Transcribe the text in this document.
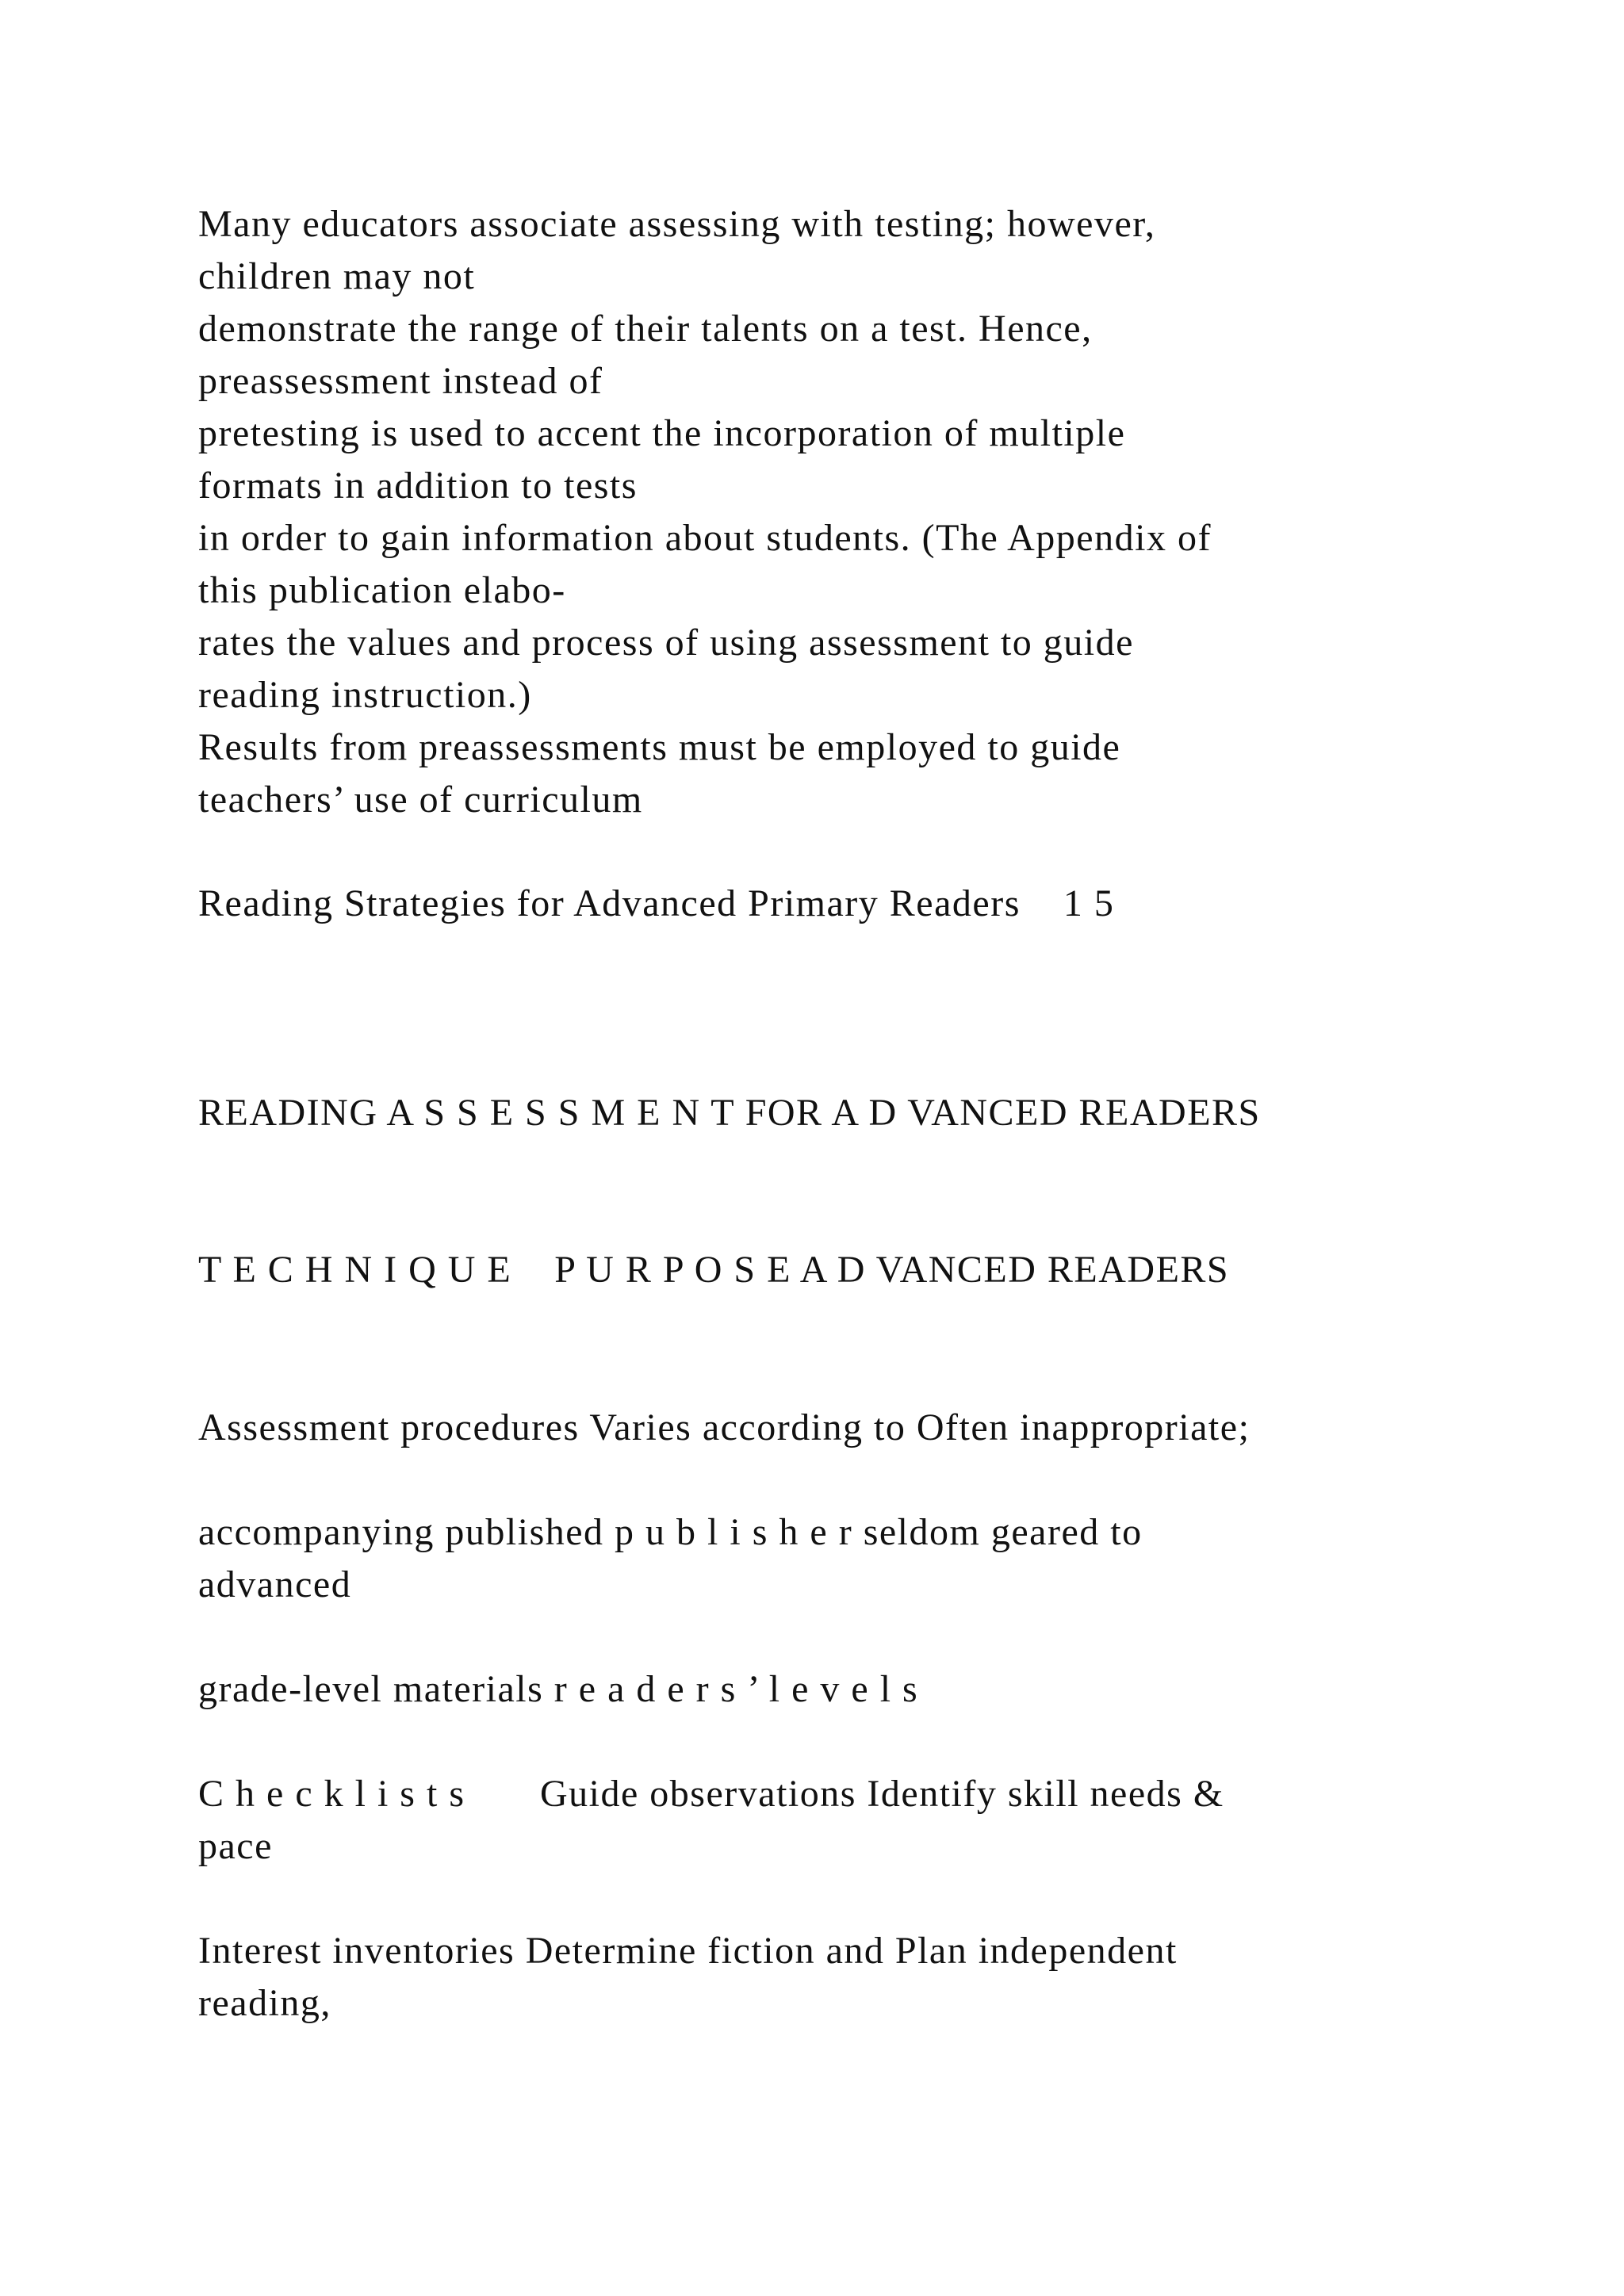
Many educators associate assessing with testing; however,
children may not
demonstrate the range of their talents on a test. Hence,
preassessment instead of
pretesting is used to accent the incorporation of multiple
formats in addition to tests
in order to gain information about students. (The Appendix of
this publication elabo-
rates the values and process of using assessment to guide
reading instruction.)
Results from preassessments must be employed to guide
teachers’ use of curriculum
Reading Strategies for Advanced Primary Readers    1 5
READING A S S E S S M E N T FOR A D VANCED READERS
T E C H N I Q U E    P U R P O S E A D VANCED READERS
Assessment procedures Varies according to Often inappropriate;
accompanying published p u b l i s h e r seldom geared to
advanced
grade-level materials r e a d e r s ’ l e v e l s
C h e c k l i s t s       Guide observations Identify skill needs &
pace
Interest inventories Determine fiction and Plan independent
reading,
